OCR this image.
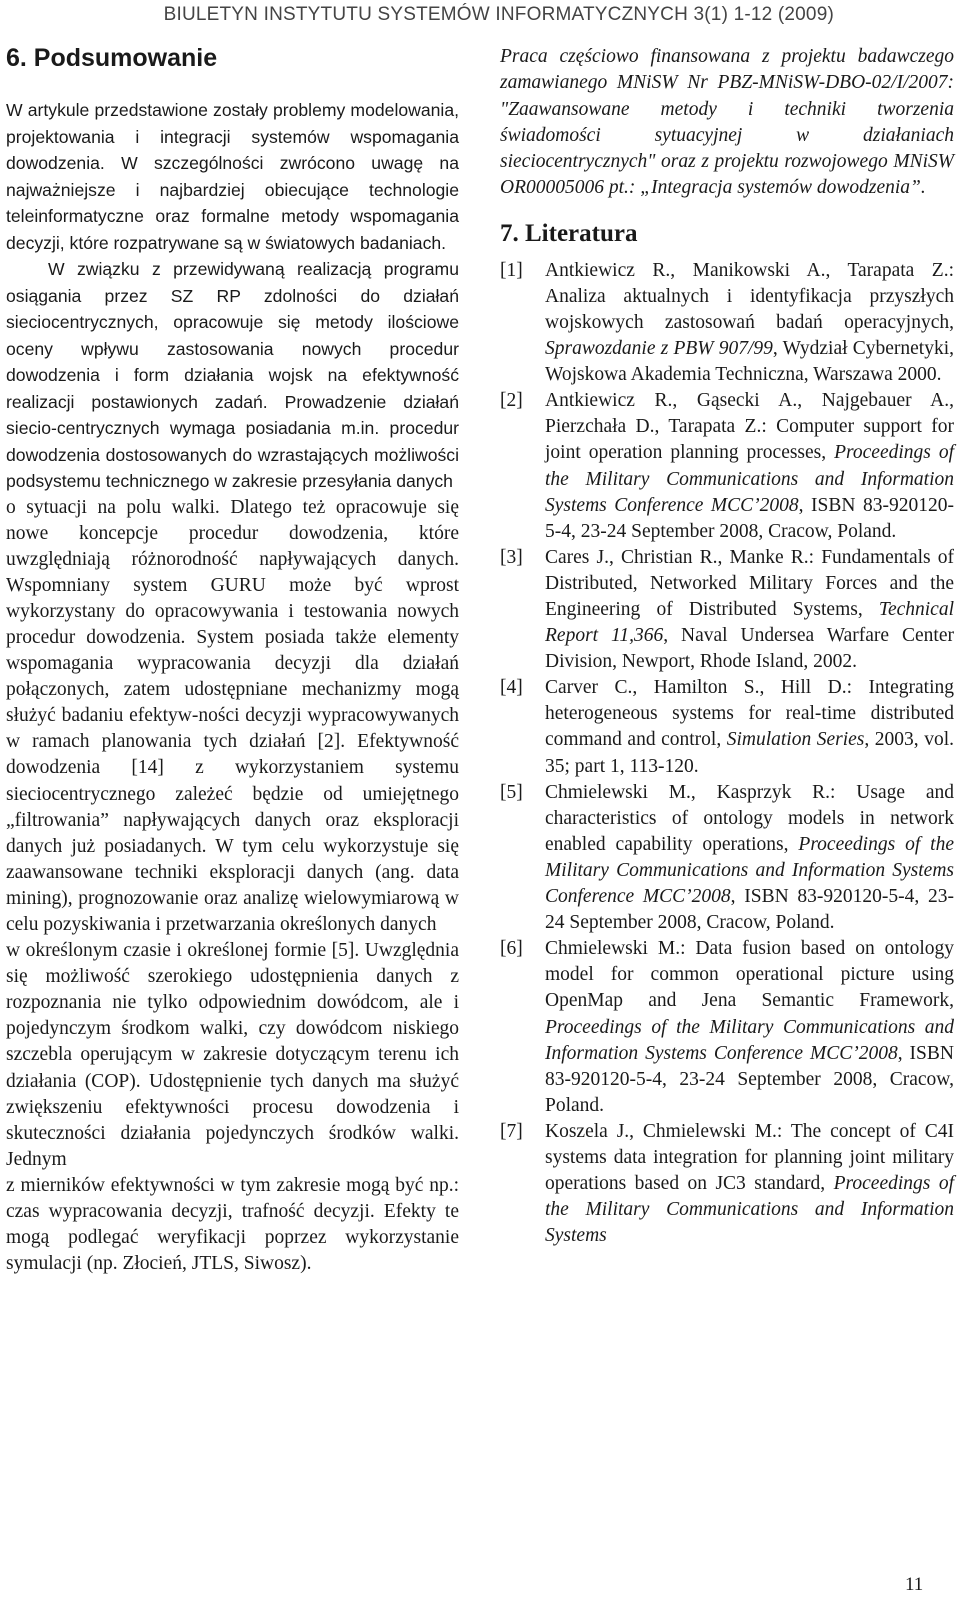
BIULETYN INSTYTUTU SYSTEMÓW INFORMATYCZNYCH 3(1) 1-12 (2009)
6. Podsumowanie

W artykule przedstawione zostały problemy modelowania, projektowania i integracji systemów wspomagania dowodzenia. W szczególności zwrócono uwagę na najważniejsze i najbardziej obiecujące technologie teleinformatyczne oraz formalne metody wspomagania decyzji, które rozpatrywane są w światowych badaniach.

W związku z przewidywaną realizacją programu osiągania przez SZ RP zdolności do działań sieciocentrycznych, opracowuje się metody ilościowe oceny wpływu zastosowania nowych procedur dowodzenia i form działania wojsk na efektywność realizacji postawionych zadań. Prowadzenie działań siecio-centrycznych wymaga posiadania m.in. procedur dowodzenia dostosowanych do wzrastających możliwości podsystemu technicznego w zakresie przesyłania danych

o sytuacji na polu walki. Dlatego też opracowuje się nowe koncepcje procedur dowodzenia, które uwzględniają różnorodność napływających danych. Wspomniany system GURU może być wprost wykorzystany do opracowywania i testowania nowych procedur dowodzenia. System posiada także elementy wspomagania wypracowania decyzji dla działań połączonych, zatem udostępniane mechanizmy mogą służyć badaniu efektyw-ności decyzji wypracowywanych w ramach planowania tych działań [2]. Efektywność dowodzenia [14] z wykorzystaniem systemu sieciocentrycznego zależeć będzie od umiejętnego „filtrowania” napływających danych oraz eksploracji danych już posiadanych. W tym celu wykorzystuje się zaawansowane techniki eksploracji danych (ang. data mining), prognozowanie oraz analizę wielowymiarową w celu pozyskiwania i przetwarzania określonych danych

w określonym czasie i określonej formie [5]. Uwzględnia się możliwość szerokiego udostępnienia danych z rozpoznania nie tylko odpowiednim dowódcom, ale i pojedynczym środkom walki, czy dowódcom niskiego szczebla operującym w zakresie dotyczącym terenu ich działania (COP). Udostępnienie tych danych ma służyć zwiększeniu efektywności procesu dowodzenia i skuteczności działania pojedynczych środków walki. Jednym

z mierników efektywności w tym zakresie mogą być np.: czas wypracowania decyzji, trafność decyzji. Efekty te mogą podlegać weryfikacji poprzez wykorzystanie symulacji (np. Złocień, JTLS, Siwosz).

Praca częściowo finansowana z projektu badawczego zamawianego MNiSW Nr PBZ-MNiSW-DBO-02/I/2007: "Zaawansowane metody i techniki tworzenia świadomości sytuacyjnej w działaniach sieciocentrycznych" oraz z projektu rozwojowego MNiSW OR00005006 pt.: „Integracja systemów dowodzenia”.

7. Literatura
[1]	Antkiewicz R., Manikowski A., Tarapata Z.: Analiza aktualnych i identyfikacja przyszłych wojskowych zastosowań badań operacyjnych, Sprawozdanie z PBW 907/99, Wydział Cybernetyki, Wojskowa Akademia Techniczna, Warszawa 2000.
[2]	Antkiewicz R., Gąsecki A., Najgebauer A., Pierzchała D., Tarapata Z.: Computer support for joint operation planning processes, Proceedings of the Military Communications and Information Systems Conference MCC’2008, ISBN 83-920120-5-4, 23-24 September 2008, Cracow, Poland.
[3]	Cares J., Christian R., Manke R.: Fundamentals of Distributed, Networked Military Forces and the Engineering of Distributed Systems, Technical Report 11,366, Naval Undersea Warfare Center Division, Newport, Rhode Island, 2002.
[4]	Carver C., Hamilton S., Hill D.: Integrating heterogeneous systems for real-time distributed command and control, Simulation Series, 2003, vol. 35; part 1, 113-120.
[5]	Chmielewski M., Kasprzyk R.: Usage and characteristics of ontology models in network enabled capability operations, Proceedings of the Military Communications and Information Systems Conference MCC’2008, ISBN 83-920120-5-4, 23-24 September 2008, Cracow, Poland.
[6]	Chmielewski M.: Data fusion based on ontology model for common operational picture using OpenMap and Jena Semantic Framework, Proceedings of the Military Communications and Information Systems Conference MCC’2008, ISBN 83-920120-5-4, 23-24 September 2008, Cracow, Poland.
[7]	Koszela J., Chmielewski M.: The concept of C4I systems data integration for planning joint military operations based on JC3 standard, Proceedings of the Military Communications and Information Systems
11
